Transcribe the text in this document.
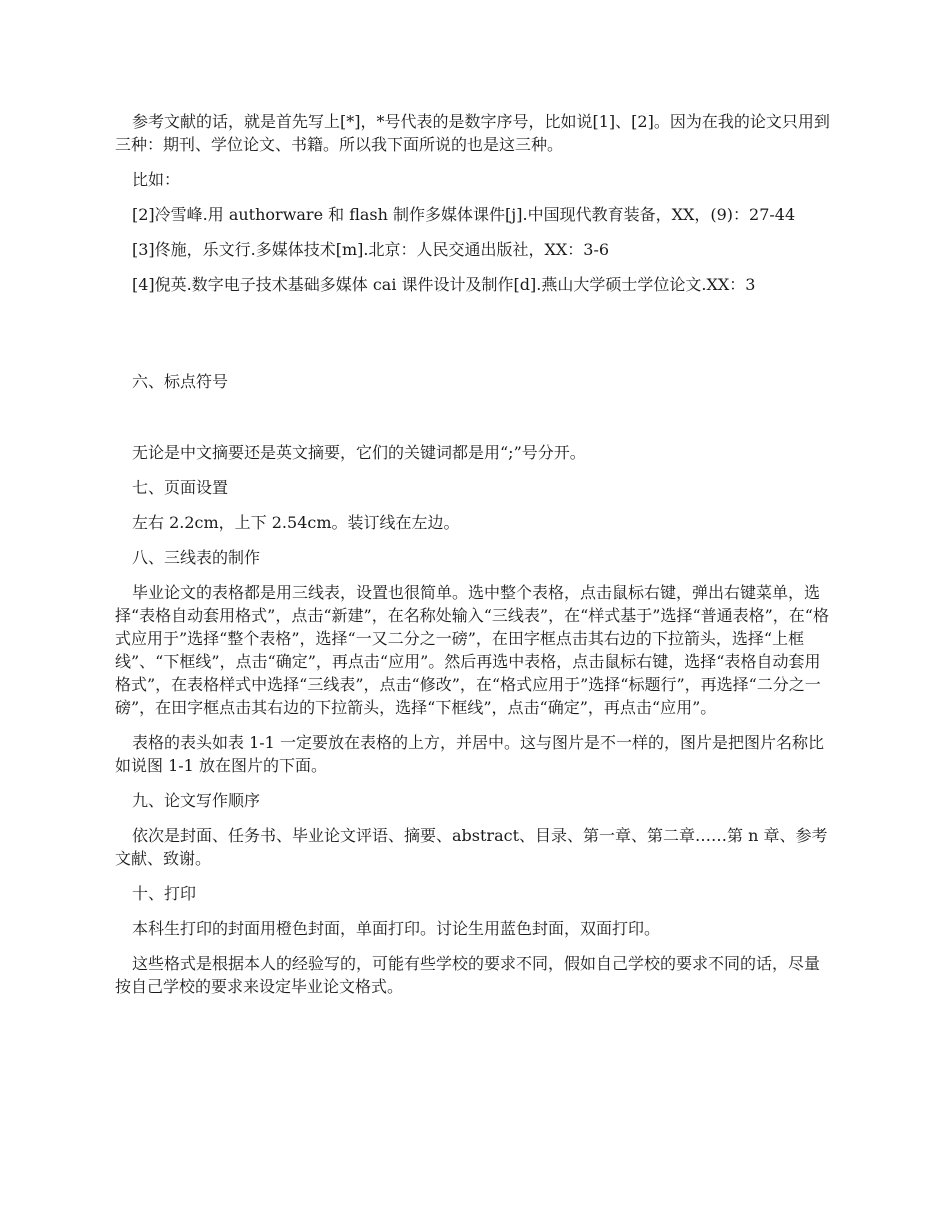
参考文献的话，就是首先写上[*]，*号代表的是数字序号，比如说[1]、[2]。因为在我的论文只用到三种：期刊、学位论文、书籍。所以我下面所说的也是这三种。

比如：

[2]冷雪峰.用 authorware 和 flash 制作多媒体课件[j].中国现代教育装备，XX，(9)：27-44

[3]佟施，乐文行.多媒体技术[m].北京：人民交通出版社，XX：3-6

[4]倪英.数字电子技术基础多媒体 cai 课件设计及制作[d].燕山大学硕士学位论文.XX：3

六、标点符号

无论是中文摘要还是英文摘要，它们的关键词都是用“;”号分开。

七、页面设置

左右 2.2cm，上下 2.54cm。装订线在左边。

八、三线表的制作

毕业论文的表格都是用三线表，设置也很简单。选中整个表格，点击鼠标右键，弹出右键菜单，选择“表格自动套用格式”，点击“新建”，在名称处输入“三线表”，在“样式基于”选择“普通表格”，在“格式应用于”选择“整个表格”，选择“一又二分之一磅”，在田字框点击其右边的下拉箭头，选择“上框线”、“下框线”，点击“确定”，再点击“应用”。然后再选中表格，点击鼠标右键，选择“表格自动套用格式”，在表格样式中选择“三线表”，点击“修改”，在“格式应用于”选择“标题行”，再选择“二分之一磅”，在田字框点击其右边的下拉箭头，选择“下框线”，点击“确定”，再点击“应用”。

表格的表头如表 1-1 一定要放在表格的上方，并居中。这与图片是不一样的，图片是把图片名称比如说图 1-1 放在图片的下面。

九、论文写作顺序

依次是封面、任务书、毕业论文评语、摘要、abstract、目录、第一章、第二章……第 n 章、参考文献、致谢。

十、打印

本科生打印的封面用橙色封面，单面打印。讨论生用蓝色封面，双面打印。

这些格式是根据本人的经验写的，可能有些学校的要求不同，假如自己学校的要求不同的话，尽量按自己学校的要求来设定毕业论文格式。
